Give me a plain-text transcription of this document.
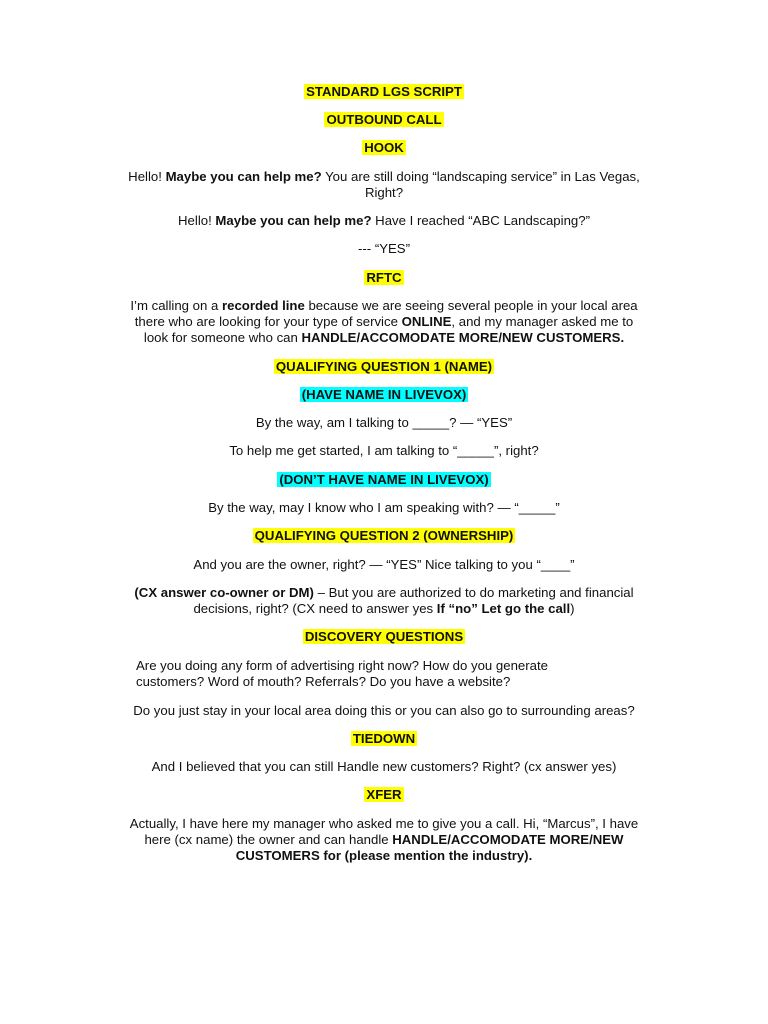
STANDARD LGS SCRIPT
OUTBOUND CALL
HOOK
Hello! Maybe you can help me? You are still doing “landscaping service” in Las Vegas,
Right?
Hello! Maybe you can help me? Have I reached “ABC Landscaping?”
--- “YES”
RFTC
I’m calling on a recorded line because we are seeing several people in your local area
there who are looking for your type of service ONLINE, and my manager asked me to
look for someone who can HANDLE/ACCOMODATE MORE/NEW CUSTOMERS.
QUALIFYING QUESTION 1 (NAME)
(HAVE NAME IN LIVEVOX)
By the way, am I talking to _____? — “YES”
To help me get started, I am talking to “_____”, right?
(DON’T HAVE NAME IN LIVEVOX)
By the way, may I know who I am speaking with? — “_____”
QUALIFYING QUESTION 2 (OWNERSHIP)
And you are the owner, right? — “YES” Nice talking to you “____”
(CX answer co-owner or DM) – But you are authorized to do marketing and financial
decisions, right? (CX need to answer yes If “no” Let go the call)
DISCOVERY QUESTIONS
Are you doing any form of advertising right now? How do you generate
customers? Word of mouth? Referrals? Do you have a website?
Do you just stay in your local area doing this or you can also go to surrounding areas?
TIEDOWN
And I believed that you can still Handle new customers? Right? (cx answer yes)
XFER
Actually, I have here my manager who asked me to give you a call. Hi, “Marcus”, I have
here (cx name) the owner and can handle HANDLE/ACCOMODATE MORE/NEW
CUSTOMERS for (please mention the industry).
